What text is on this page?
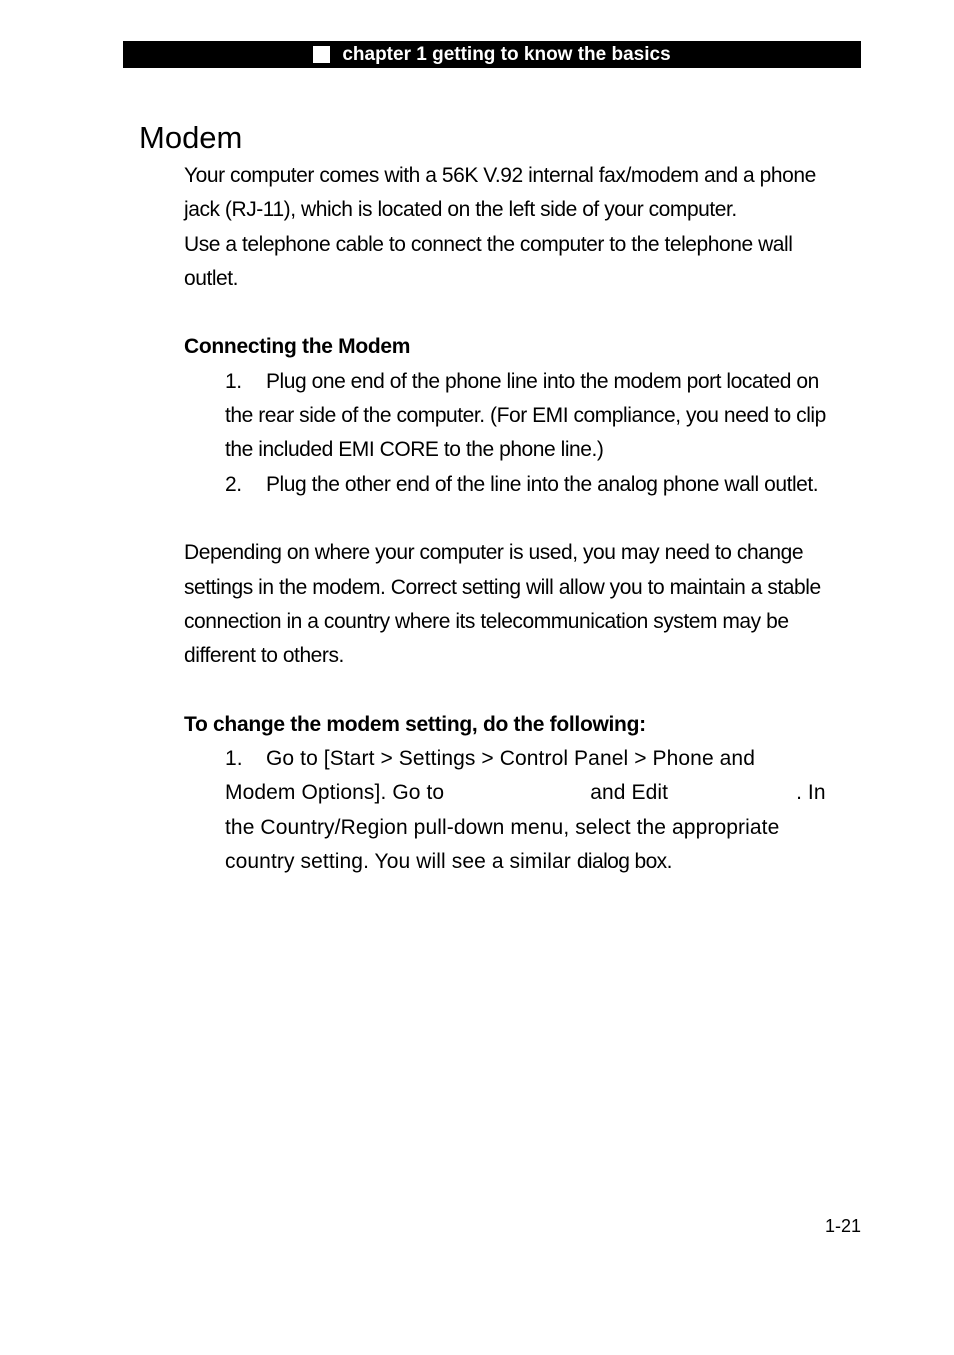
chapter 1 getting to know the basics
Modem

Your computer comes with a 56K V.92 internal fax/modem and a phone

jack (RJ-11), which is located on the left side of your computer.

Use a telephone cable to connect the computer to the telephone wall

outlet.

Connecting the Modem

1. Plug one end of the phone line into the modem port located on

the rear side of the computer. (For EMI compliance, you need to clip

the included EMI CORE to the phone line.)

2. Plug the other end of the line into the analog phone wall outlet.

Depending on where your computer is used, you may need to change

settings in the modem. Correct setting will allow you to maintain a stable

connection in a country where its telecommunication system may be

different to others.

To change the modem setting, do the following:

1. Go to [Start > Settings > Control Panel > Phone and

Modem Options]. Go to	and Edit	. In

the Country/Region pull-down menu, select the appropriate

country setting. You will see a similar dialog box.

1-21
